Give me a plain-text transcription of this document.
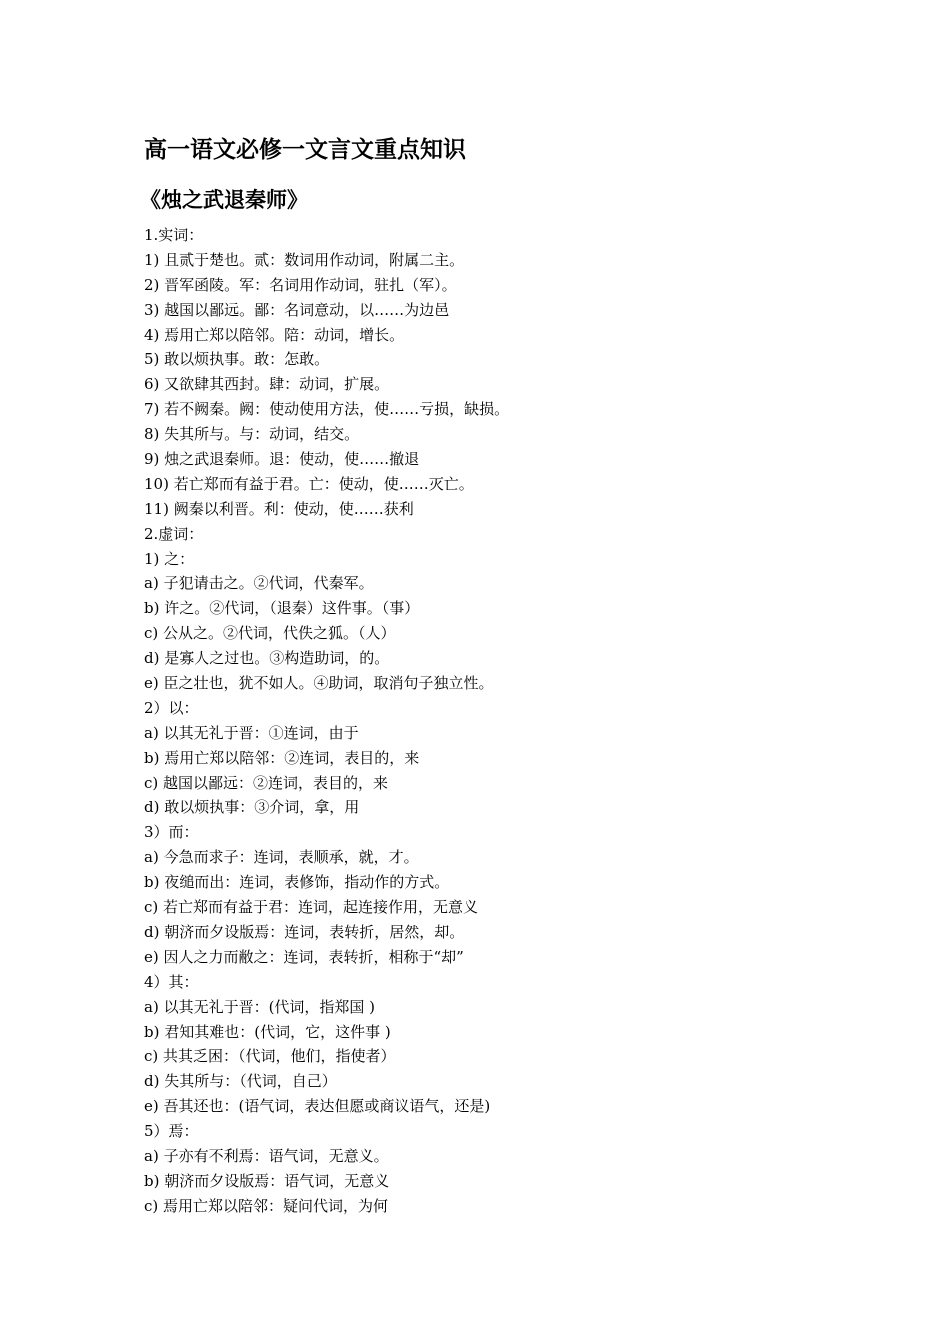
高一语文必修一文言文重点知识
《烛之武退秦师》
1.实词：
1) 且贰于楚也。贰：数词用作动词，附属二主。
2) 晋军函陵。军：名词用作动词，驻扎（军）。
3) 越国以鄙远。鄙：名词意动，以……为边邑
4) 焉用亡郑以陪邻。陪：动词，增长。
5) 敢以烦执事。敢：怎敢。
6) 又欲肆其西封。肆：动词，扩展。
7) 若不阙秦。阙：使动使用方法，使……亏损，缺损。
8) 失其所与。与：动词，结交。
9) 烛之武退秦师。退：使动，使……撤退
10) 若亡郑而有益于君。亡：使动，使……灭亡。
11) 阙秦以利晋。利：使动，使……获利
2.虚词：
1) 之：
a) 子犯请击之。②代词，代秦军。
b) 许之。②代词，（退秦）这件事。（事）
c) 公从之。②代词，代佚之狐。（人）
d) 是寡人之过也。③构造助词，的。
e) 臣之壮也，犹不如人。④助词，取消句子独立性。
2）以：
a) 以其无礼于晋：①连词，由于
b) 焉用亡郑以陪邻：②连词，表目的，来
c) 越国以鄙远：②连词，表目的，来
d) 敢以烦执事：③介词，拿，用
3）而：
a) 今急而求子：连词，表顺承，就，才。
b) 夜缒而出：连词，表修饰，指动作的方式。
c) 若亡郑而有益于君：连词，起连接作用，无意义
d) 朝济而夕设版焉：连词，表转折，居然，却。
e) 因人之力而敝之：连词，表转折，相称于“却”
4）其：
a) 以其无礼于晋：(代词，指郑国 )
b) 君知其难也：(代词，它，这件事 )
c) 共其乏困：（代词，他们，指使者）
d) 失其所与：（代词，自己）
e) 吾其还也：(语气词，表达但愿或商议语气，还是)
5）焉：
a) 子亦有不利焉：语气词，无意义。
b) 朝济而夕设版焉：语气词，无意义
c) 焉用亡郑以陪邻：疑问代词，为何
